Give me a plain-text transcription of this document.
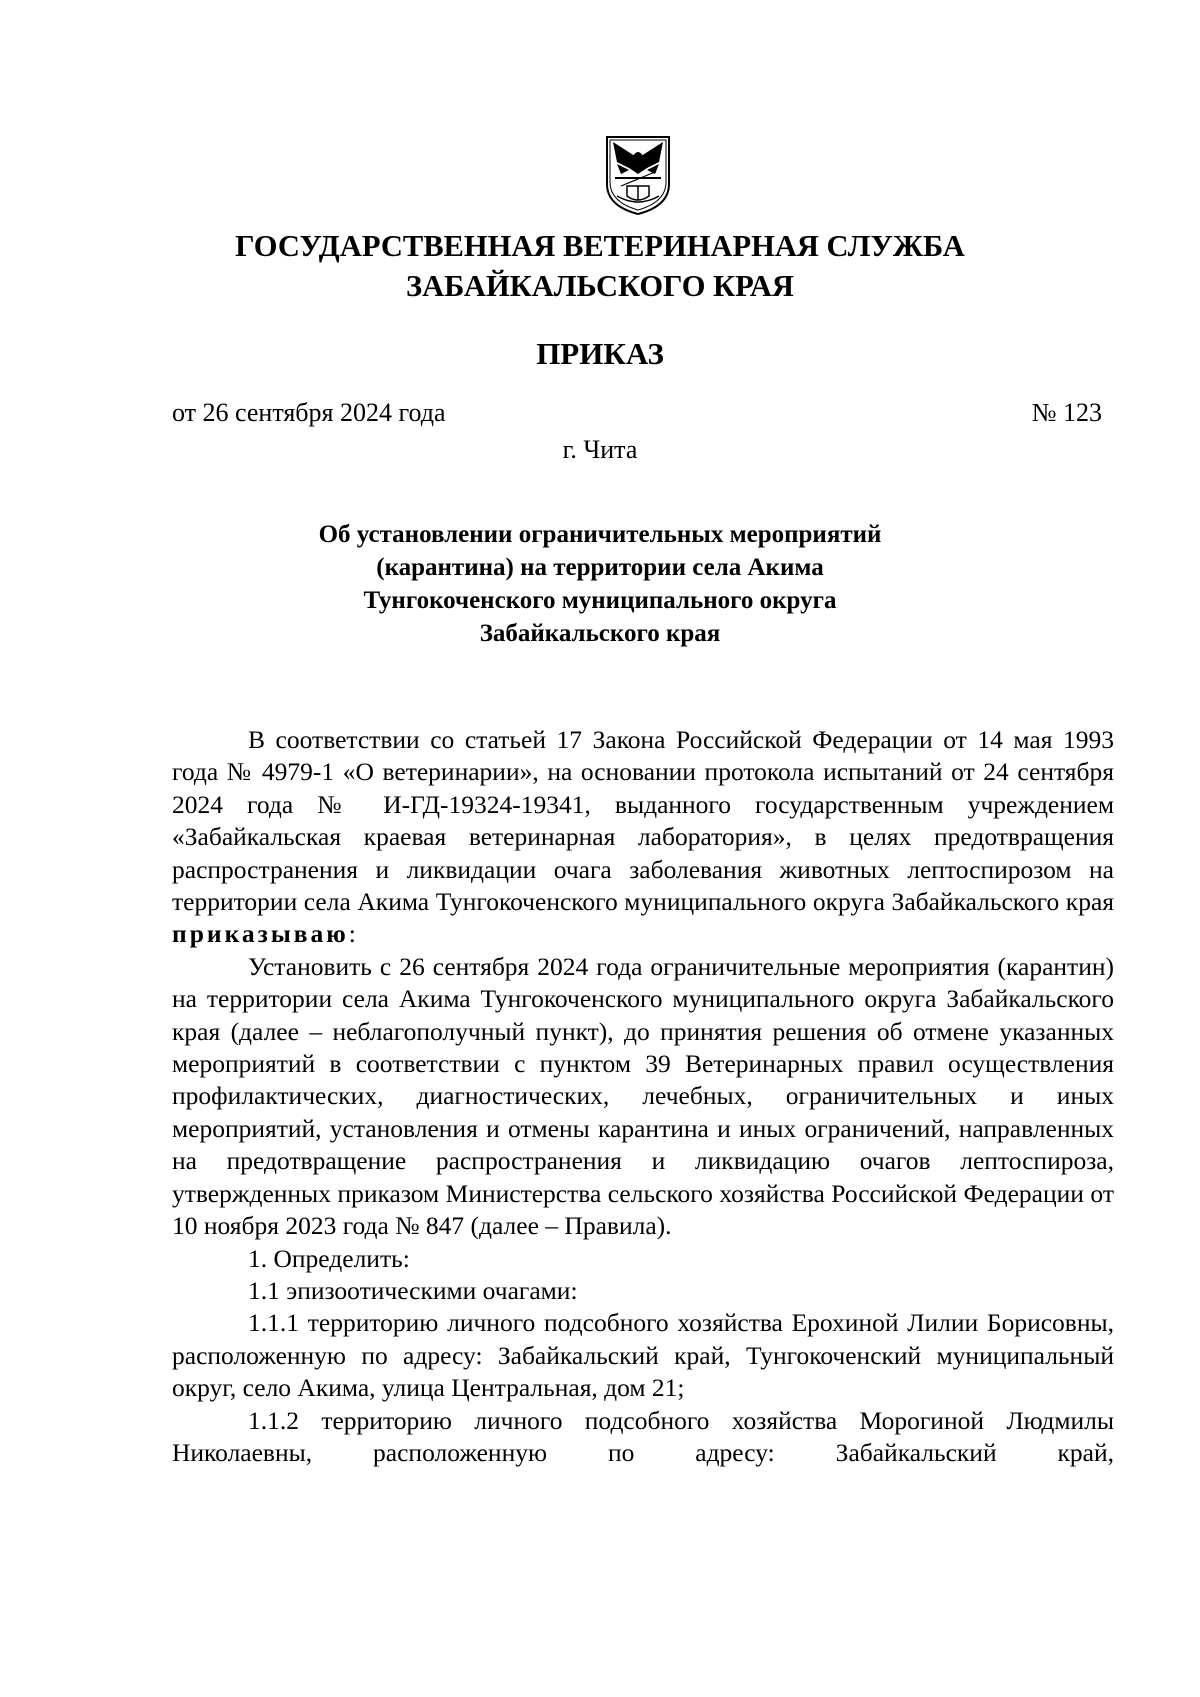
ГОСУДАРСТВЕННАЯ ВЕТЕРИНАРНАЯ СЛУЖБА
ЗАБАЙКАЛЬСКОГО КРАЯ
ПРИКАЗ
от 26 сентября 2024 года	№ 123
г. Чита
Об установлении ограничительных мероприятий
(карантина) на территории села Акима
Тунгокоченского муниципального округа
Забайкальского края

В соответствии со статьей 17 Закона Российской Федерации от 14 мая 1993 года № 4979-1 «О ветеринарии», на основании протокола испытаний от 24 сентября 2024 года № И-ГД-19324-19341, выданного государственным учреждением «Забайкальская краевая ветеринарная лаборатория», в целях предотвращения распространения и ликвидации очага заболевания животных лептоспирозом на территории села Акима Тунгокоченского муниципального округа Забайкальского края приказываю:

Установить с 26 сентября 2024 года ограничительные мероприятия (карантин) на территории села Акима Тунгокоченского муниципального округа Забайкальского края (далее – неблагополучный пункт), до принятия решения об отмене указанных мероприятий в соответствии с пунктом 39 Ветеринарных правил осуществления профилактических, диагностических, лечебных, ограничительных и иных мероприятий, установления и отмены карантина и иных ограничений, направленных на предотвращение распространения и ликвидацию очагов лептоспироза, утвержденных приказом Министерства сельского хозяйства Российской Федерации от 10 ноября 2023 года № 847 (далее – Правила).

1. Определить:

1.1 эпизоотическими очагами:

1.1.1 территорию личного подсобного хозяйства Ерохиной Лилии Борисовны, расположенную по адресу: Забайкальский край, Тунгокоченский муниципальный округ, село Акима, улица Центральная, дом 21;

1.1.2 территорию личного подсобного хозяйства Морогиной Людмилы Николаевны, расположенную по адресу: Забайкальский край,
